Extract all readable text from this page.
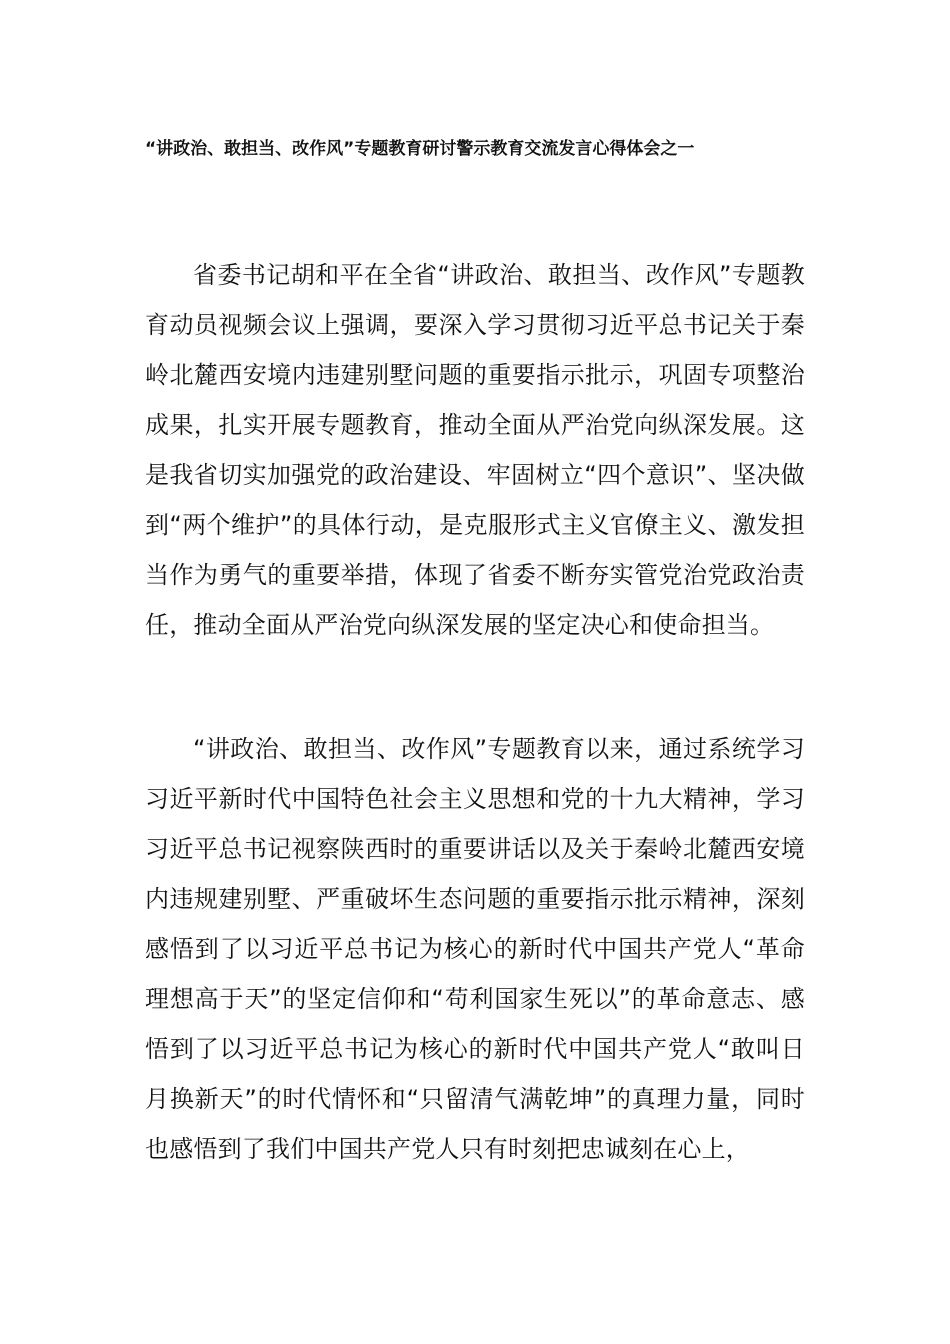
“讲政治、敢担当、改作风”专题教育研讨警示教育交流发言心得体会之一

省委书记胡和平在全省“讲政治、敢担当、改作风”专题教育动员视频会议上强调，要深入学习贯彻习近平总书记关于秦岭北麓西安境内违建别墅问题的重要指示批示，巩固专项整治成果，扎实开展专题教育，推动全面从严治党向纵深发展。这是我省切实加强党的政治建设、牢固树立“四个意识”、坚决做到“两个维护”的具体行动，是克服形式主义官僚主义、激发担当作为勇气的重要举措，体现了省委不断夯实管党治党政治责任，推动全面从严治党向纵深发展的坚定决心和使命担当。

“讲政治、敢担当、改作风”专题教育以来，通过系统学习习近平新时代中国特色社会主义思想和党的十九大精神，学习习近平总书记视察陕西时的重要讲话以及关于秦岭北麓西安境内违规建别墅、严重破坏生态问题的重要指示批示精神，深刻感悟到了以习近平总书记为核心的新时代中国共产党人“革命理想高于天”的坚定信仰和“苟利国家生死以”的革命意志、感悟到了以习近平总书记为核心的新时代中国共产党人“敢叫日月换新天”的时代情怀和“只留清气满乾坤”的真理力量，同时也感悟到了我们中国共产党人只有时刻把忠诚刻在心上，
